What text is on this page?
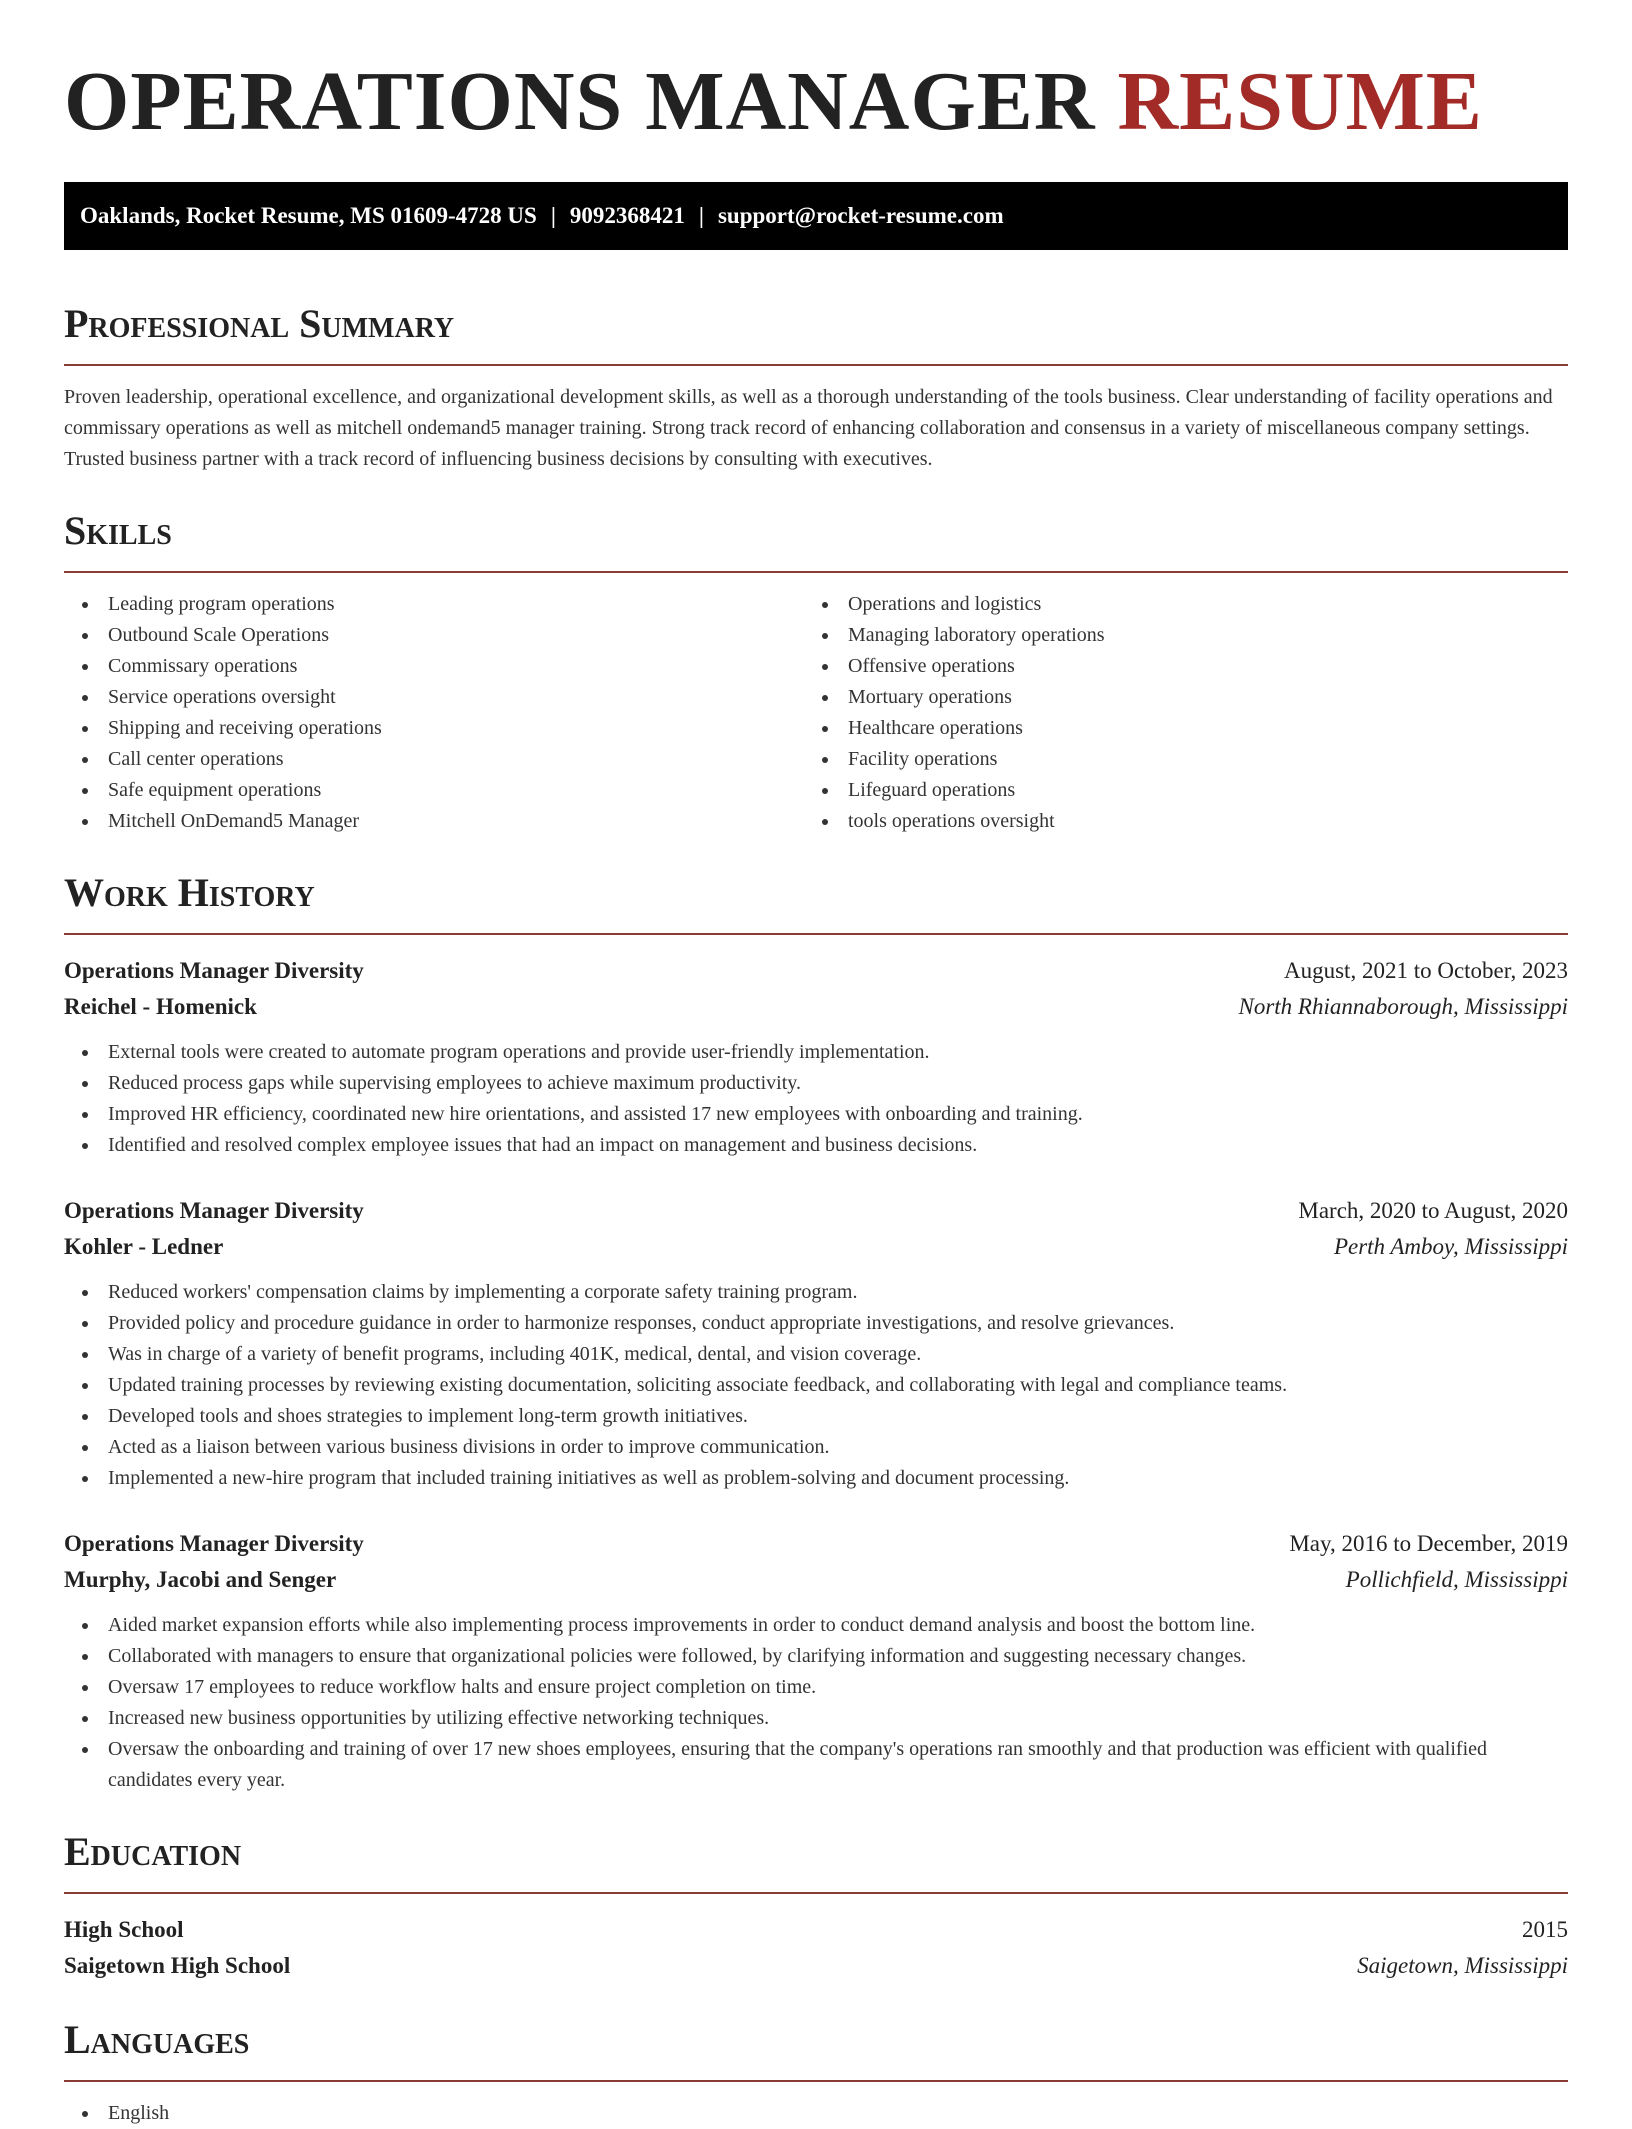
OPERATIONS MANAGER RESUME
Oaklands, Rocket Resume, MS 01609-4728 US | 9092368421 | support@rocket-resume.com
Professional Summary

Proven leadership, operational excellence, and organizational development skills, as well as a thorough understanding of the tools business. Clear understanding of facility operations and commissary operations as well as mitchell ondemand5 manager training. Strong track record of enhancing collaboration and consensus in a variety of miscellaneous company settings. Trusted business partner with a track record of influencing business decisions by consulting with executives.

Skills
Leading program operations
Outbound Scale Operations
Commissary operations
Service operations oversight
Shipping and receiving operations
Call center operations
Safe equipment operations
Mitchell OnDemand5 Manager
Operations and logistics
Managing laboratory operations
Offensive operations
Mortuary operations
Healthcare operations
Facility operations
Lifeguard operations
tools operations oversight
Work History
Operations Manager Diversity	August, 2021 to October, 2023
Reichel - Homenick	North Rhiannaborough, Mississippi
External tools were created to automate program operations and provide user-friendly implementation.
Reduced process gaps while supervising employees to achieve maximum productivity.
Improved HR efficiency, coordinated new hire orientations, and assisted 17 new employees with onboarding and training.
Identified and resolved complex employee issues that had an impact on management and business decisions.
Operations Manager Diversity	March, 2020 to August, 2020
Kohler - Ledner	Perth Amboy, Mississippi
Reduced workers' compensation claims by implementing a corporate safety training program.
Provided policy and procedure guidance in order to harmonize responses, conduct appropriate investigations, and resolve grievances.
Was in charge of a variety of benefit programs, including 401K, medical, dental, and vision coverage.
Updated training processes by reviewing existing documentation, soliciting associate feedback, and collaborating with legal and compliance teams.
Developed tools and shoes strategies to implement long-term growth initiatives.
Acted as a liaison between various business divisions in order to improve communication.
Implemented a new-hire program that included training initiatives as well as problem-solving and document processing.
Operations Manager Diversity	May, 2016 to December, 2019
Murphy, Jacobi and Senger	Pollichfield, Mississippi
Aided market expansion efforts while also implementing process improvements in order to conduct demand analysis and boost the bottom line.
Collaborated with managers to ensure that organizational policies were followed, by clarifying information and suggesting necessary changes.
Oversaw 17 employees to reduce workflow halts and ensure project completion on time.
Increased new business opportunities by utilizing effective networking techniques.
Oversaw the onboarding and training of over 17 new shoes employees, ensuring that the company's operations ran smoothly and that production was efficient with qualified candidates every year.
Education
High School	2015
Saigetown High School	Saigetown, Mississippi
Languages
English
